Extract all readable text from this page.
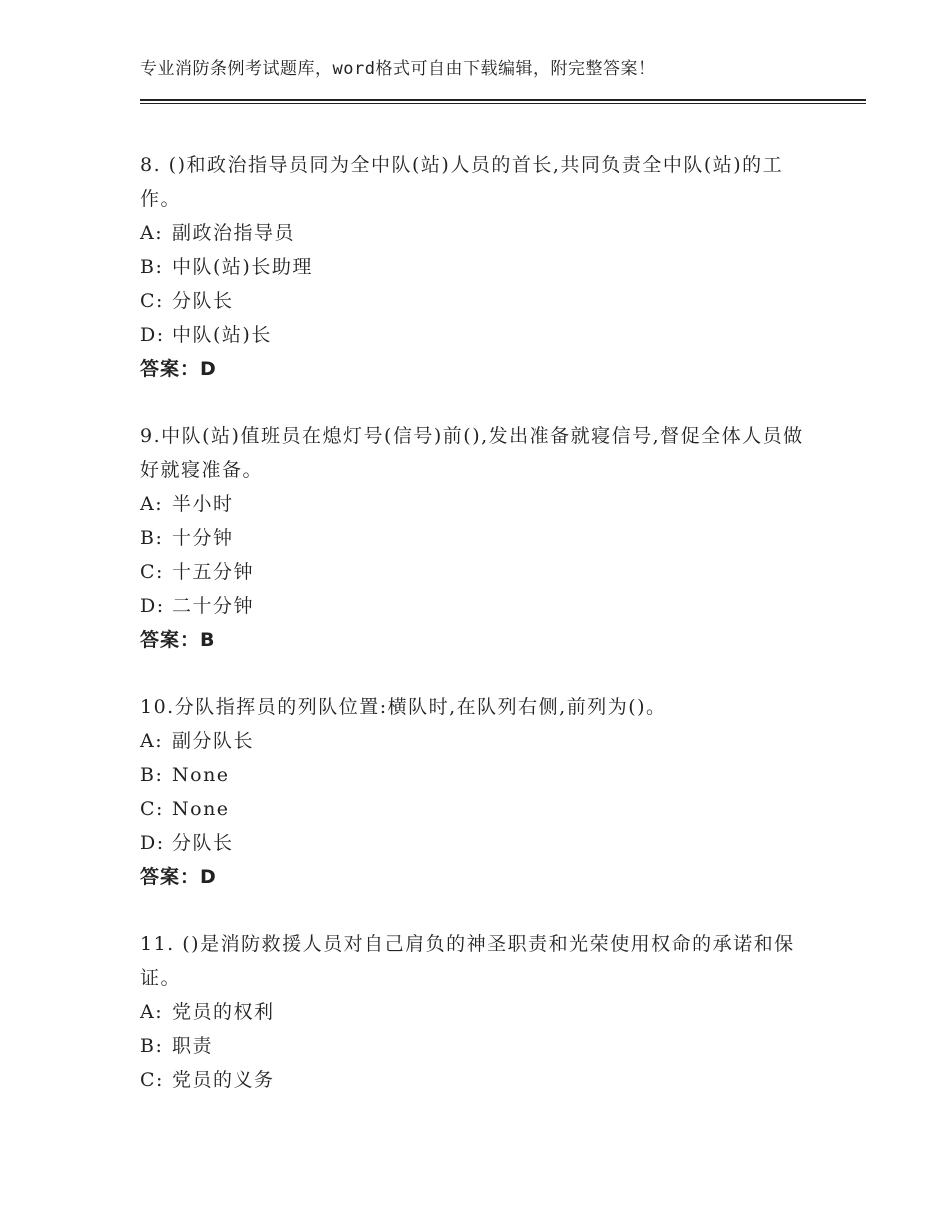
专业消防条例考试题库，word格式可自由下载编辑，附完整答案！

8. ()和政治指导员同为全中队(站)人员的首长,共同负责全中队(站)的工作。

A: 副政治指导员
B: 中队(站)长助理
C: 分队长
D: 中队(站)长
答案：D

9.中队(站)值班员在熄灯号(信号)前(),发出准备就寝信号,督促全体人员做好就寝准备。

A: 半小时
B: 十分钟
C: 十五分钟
D: 二十分钟
答案：B

10.分队指挥员的列队位置:横队时,在队列右侧,前列为()。

A: 副分队长
B: None
C: None
D: 分队长
答案：D

11. ()是消防救援人员对自己肩负的神圣职责和光荣使用权命的承诺和保证。

A: 党员的权利
B: 职责
C: 党员的义务
